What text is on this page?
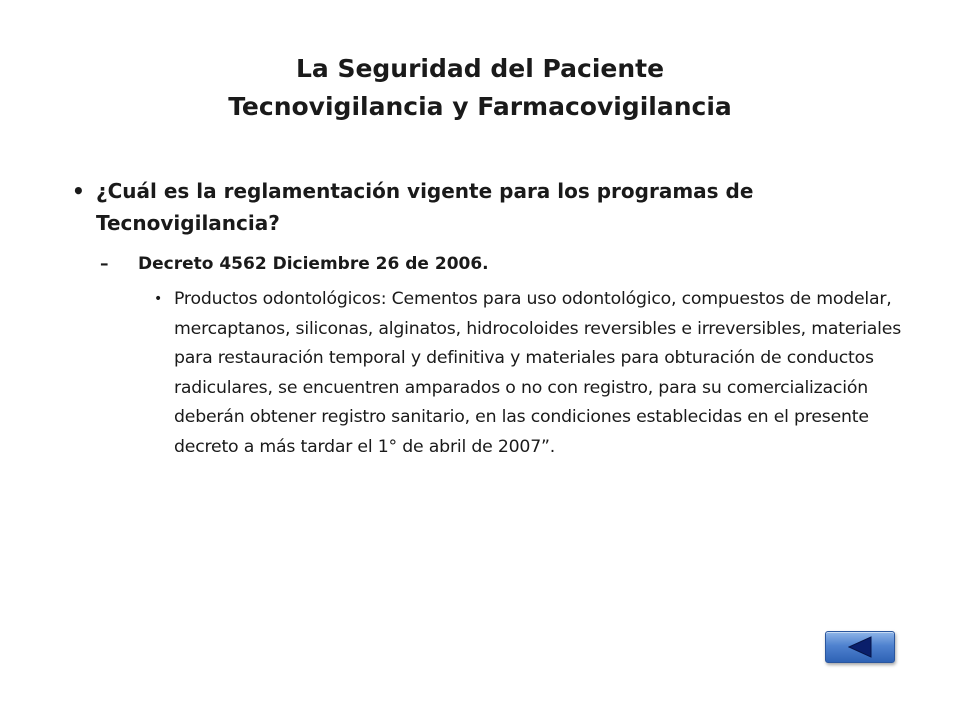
La Seguridad del Paciente
Tecnovigilancia y Farmacovigilancia
• ¿Cuál es la reglamentación vigente para los programas de Tecnovigilancia?
– Decreto 4562 Diciembre 26 de 2006.
• Productos odontológicos: Cementos para uso odontológico, compuestos de modelar, mercaptanos, siliconas, alginatos, hidrocoloides reversibles e irreversibles, materiales para restauración temporal y definitiva y materiales para obturación de conductos radiculares, se encuentren amparados o no con registro, para su comercialización deberán obtener registro sanitario, en las condiciones establecidas en el presente decreto a más tardar el 1° de abril de 2007”.
